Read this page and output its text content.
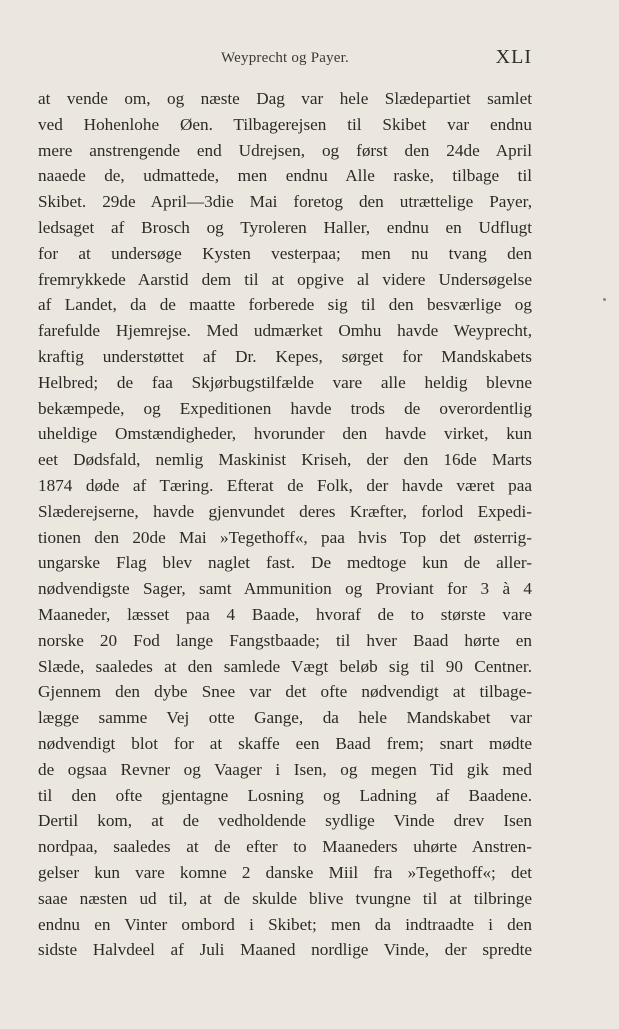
Weyprecht og Payer.	XLI
at vende om, og næste Dag var hele Slædepartiet samlet
ved Hohenlohe Øen. Tilbagerejsen til Skibet var endnu
mere anstrengende end Udrejsen, og først den 24de April
naaede de, udmattede, men endnu Alle raske, tilbage til
Skibet. 29de April—3die Mai foretog den utrættelige Payer,
ledsaget af Brosch og Tyroleren Haller, endnu en Udflugt
for at undersøge Kysten vesterpaa; men nu tvang den
fremrykkede Aarstid dem til at opgive al videre Undersøgelse
af Landet, da de maatte forberede sig til den besværlige og
farefulde Hjemrejse. Med udmærket Omhu havde Weyprecht,
kraftig understøttet af Dr. Kepes, sørget for Mandskabets
Helbred; de faa Skjørbugstilfælde vare alle heldig blevne
bekæmpede, og Expeditionen havde trods de overordentlig
uheldige Omstændigheder, hvorunder den havde virket, kun
eet Dødsfald, nemlig Maskinist Kriseh, der den 16de Marts
1874 døde af Tæring. Efterat de Folk, der havde været paa
Slæderejserne, havde gjenvundet deres Kræfter, forlod Expedi-
tionen den 20de Mai »Tegethoff«, paa hvis Top det østerrig-
ungarske Flag blev naglet fast. De medtoge kun de aller-
nødvendigste Sager, samt Ammunition og Proviant for 3 à 4
Maaneder, læsset paa 4 Baade, hvoraf de to største vare
norske 20 Fod lange Fangstbaade; til hver Baad hørte en
Slæde, saaledes at den samlede Vægt beløb sig til 90 Centner.
Gjennem den dybe Snee var det ofte nødvendigt at tilbage-
lægge samme Vej otte Gange, da hele Mandskabet var
nødvendigt blot for at skaffe een Baad frem; snart mødte
de ogsaa Revner og Vaager i Isen, og megen Tid gik med
til den ofte gjentagne Losning og Ladning af Baadene.
Dertil kom, at de vedholdende sydlige Vinde drev Isen
nordpaa, saaledes at de efter to Maaneders uhørte Anstren-
gelser kun vare komne 2 danske Miil fra »Tegethoff«; det
saae næsten ud til, at de skulde blive tvungne til at tilbringe
endnu en Vinter ombord i Skibet; men da indtraadte i den
sidste Halvdeel af Juli Maaned nordlige Vinde, der spredte
